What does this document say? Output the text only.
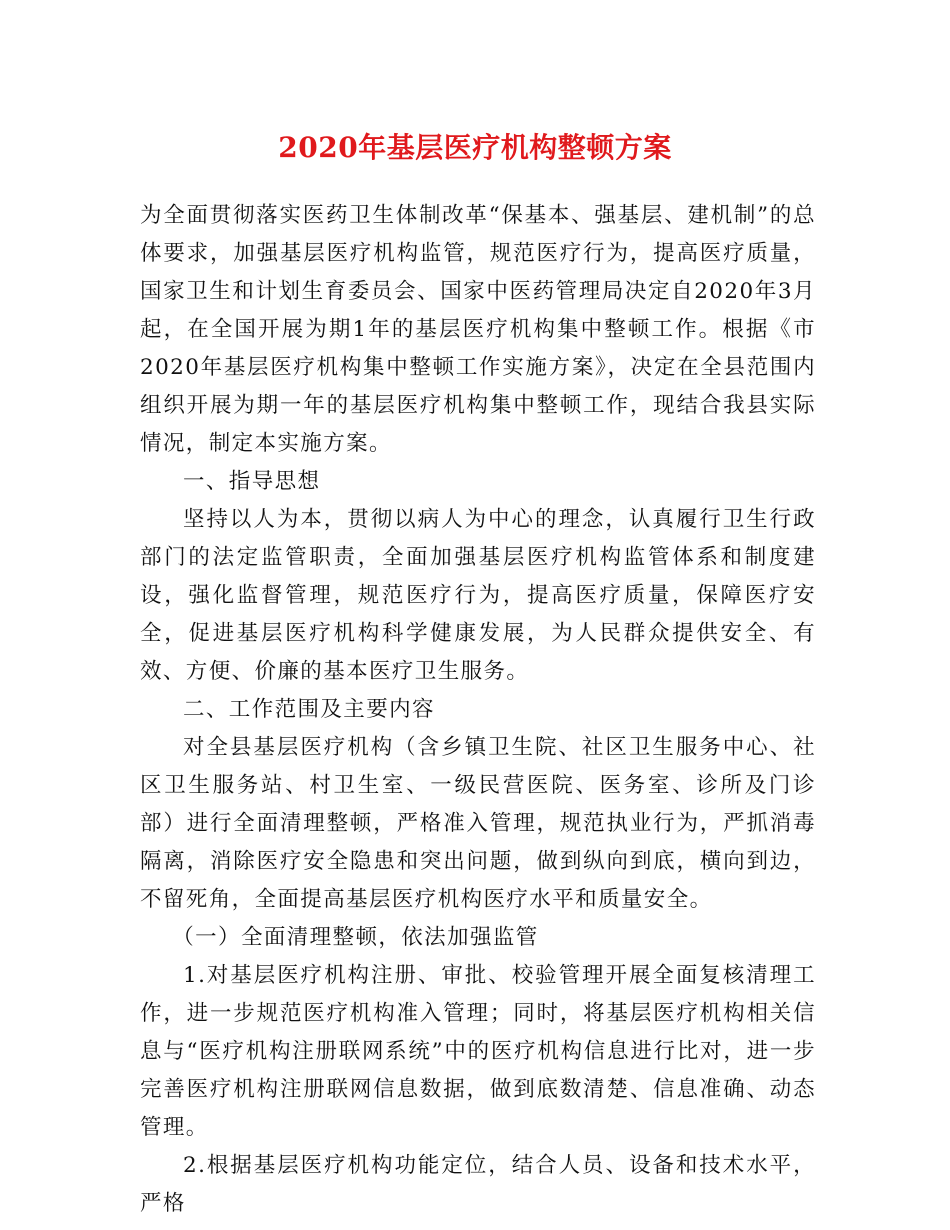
2020年基层医疗机构整顿方案

为全面贯彻落实医药卫生体制改革“保基本、强基层、建机制”的总体要求，加强基层医疗机构监管，规范医疗行为，提高医疗质量，国家卫生和计划生育委员会、国家中医药管理局决定自2020年3月起，在全国开展为期1年的基层医疗机构集中整顿工作。根据《市2020年基层医疗机构集中整顿工作实施方案》，决定在全县范围内组织开展为期一年的基层医疗机构集中整顿工作，现结合我县实际情况，制定本实施方案。

一、指导思想

坚持以人为本，贯彻以病人为中心的理念，认真履行卫生行政部门的法定监管职责，全面加强基层医疗机构监管体系和制度建设，强化监督管理，规范医疗行为，提高医疗质量，保障医疗安全，促进基层医疗机构科学健康发展，为人民群众提供安全、有效、方便、价廉的基本医疗卫生服务。

二、工作范围及主要内容

对全县基层医疗机构（含乡镇卫生院、社区卫生服务中心、社区卫生服务站、村卫生室、一级民营医院、医务室、诊所及门诊部）进行全面清理整顿，严格准入管理，规范执业行为，严抓消毒隔离，消除医疗安全隐患和突出问题，做到纵向到底，横向到边，不留死角，全面提高基层医疗机构医疗水平和质量安全。

（一）全面清理整顿，依法加强监管

1.对基层医疗机构注册、审批、校验管理开展全面复核清理工作，进一步规范医疗机构准入管理；同时，将基层医疗机构相关信息与“医疗机构注册联网系统”中的医疗机构信息进行比对，进一步完善医疗机构注册联网信息数据，做到底数清楚、信息准确、动态管理。

2.根据基层医疗机构功能定位，结合人员、设备和技术水平，严格
